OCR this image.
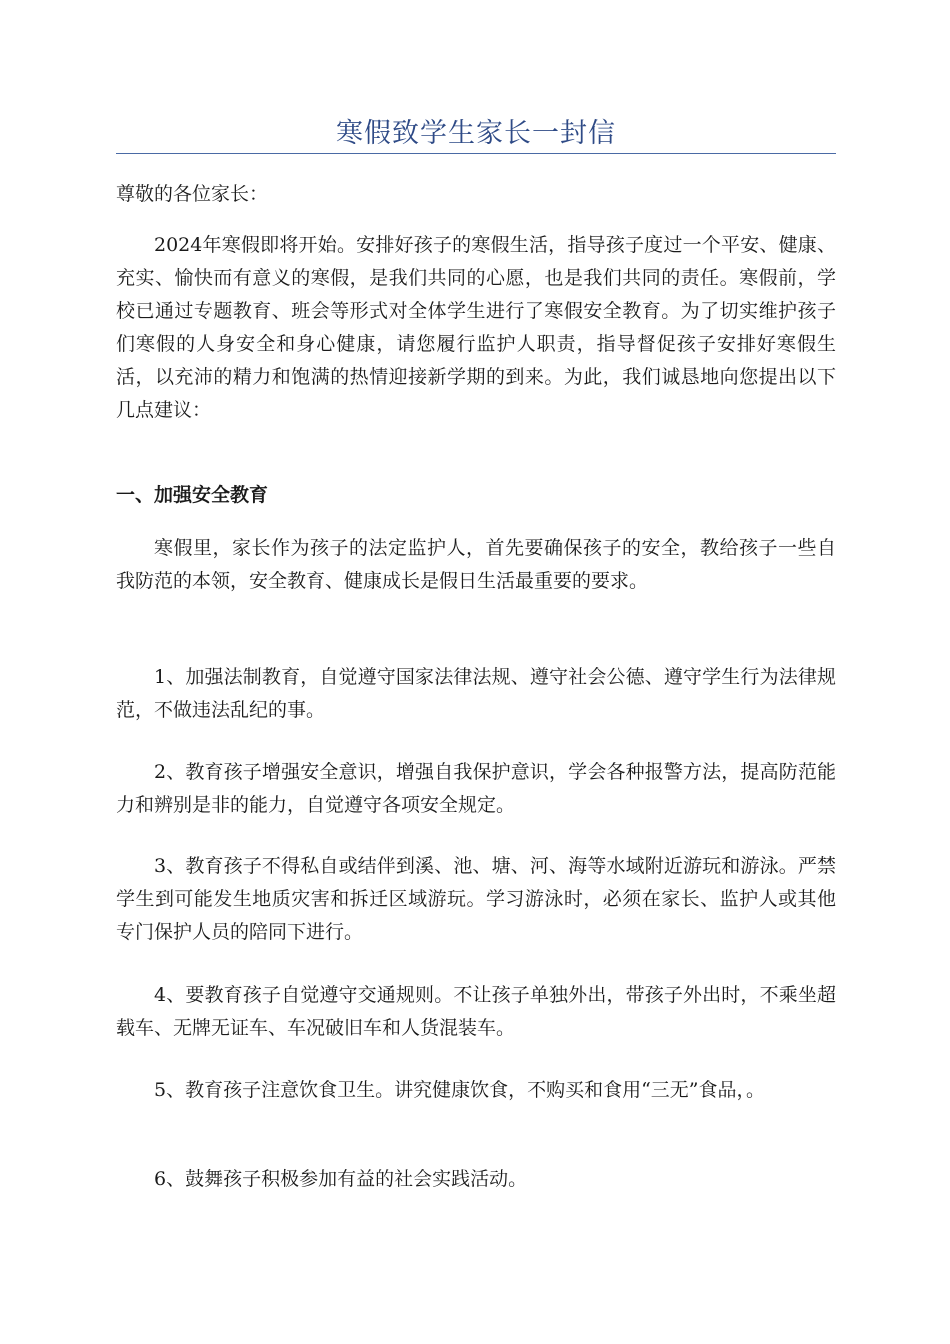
寒假致学生家长一封信
尊敬的各位家长：

2024年寒假即将开始。安排好孩子的寒假生活，指导孩子度过一个平安、健康、充实、愉快而有意义的寒假，是我们共同的心愿，也是我们共同的责任。寒假前，学校已通过专题教育、班会等形式对全体学生进行了寒假安全教育。为了切实维护孩子们寒假的人身安全和身心健康，请您履行监护人职责，指导督促孩子安排好寒假生活，以充沛的精力和饱满的热情迎接新学期的到来。为此，我们诚恳地向您提出以下几点建议：

一、加强安全教育

寒假里，家长作为孩子的法定监护人，首先要确保孩子的安全，教给孩子一些自我防范的本领，安全教育、健康成长是假日生活最重要的要求。

1、加强法制教育，自觉遵守国家法律法规、遵守社会公德、遵守学生行为法律规范，不做违法乱纪的事。

2、教育孩子增强安全意识，增强自我保护意识，学会各种报警方法，提高防范能力和辨别是非的能力，自觉遵守各项安全规定。

3、教育孩子不得私自或结伴到溪、池、塘、河、海等水域附近游玩和游泳。严禁学生到可能发生地质灾害和拆迁区域游玩。学习游泳时，必须在家长、监护人或其他专门保护人员的陪同下进行。

4、要教育孩子自觉遵守交通规则。不让孩子单独外出，带孩子外出时，不乘坐超载车、无牌无证车、车况破旧车和人货混装车。

5、教育孩子注意饮食卫生。讲究健康饮食，不购买和食用“三无”食品，。

6、鼓舞孩子积极参加有益的社会实践活动。
